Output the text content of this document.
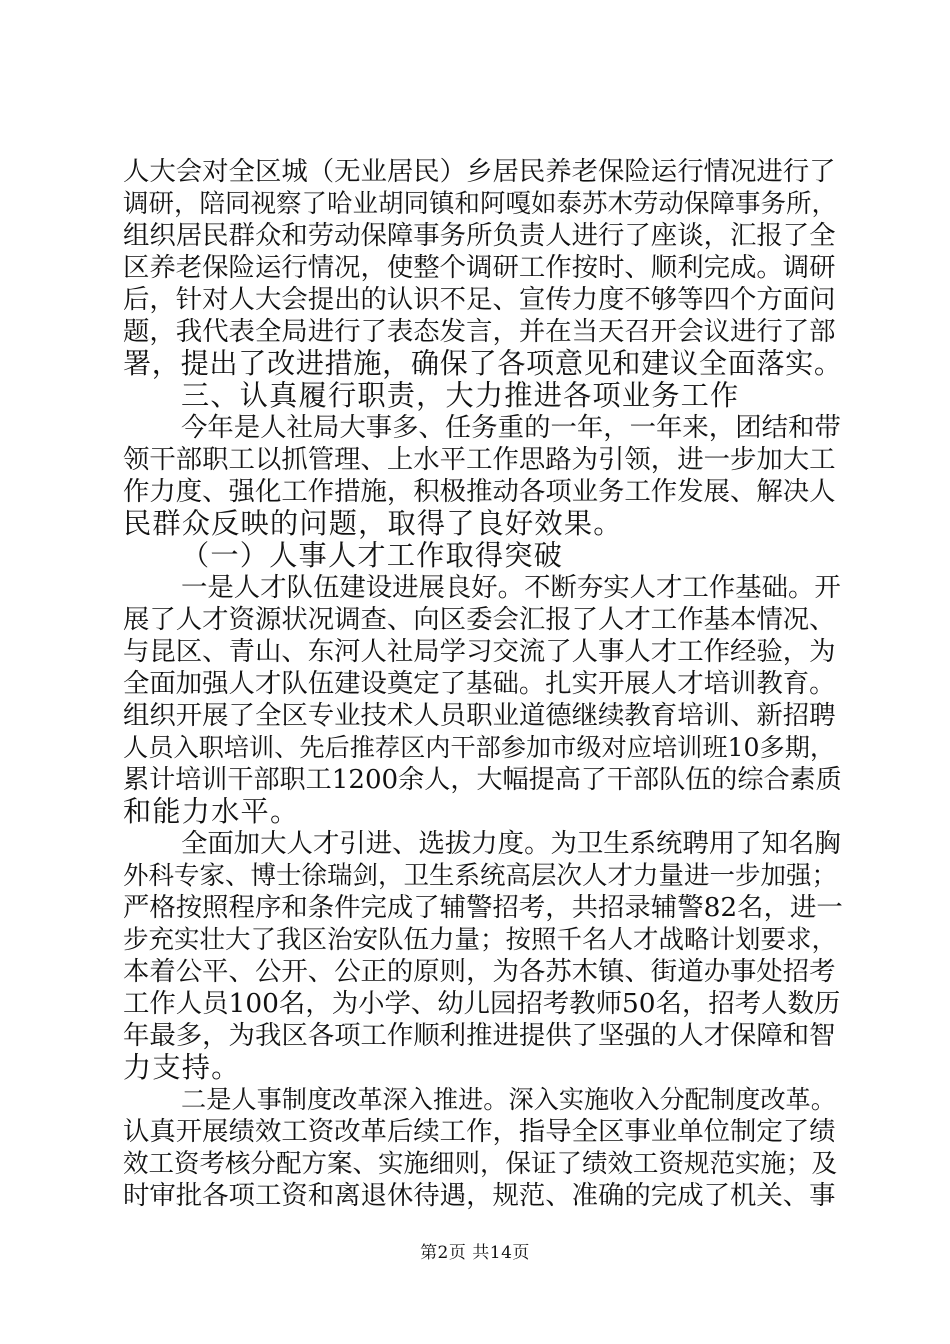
人大会对全区城（无业居民）乡居民养老保险运行情况进行了
调研，陪同视察了哈业胡同镇和阿嘎如泰苏木劳动保障事务所，
组织居民群众和劳动保障事务所负责人进行了座谈，汇报了全
区养老保险运行情况，使整个调研工作按时、顺利完成。调研
后，针对人大会提出的认识不足、宣传力度不够等四个方面问
题，我代表全局进行了表态发言，并在当天召开会议进行了部
署，提出了改进措施，确保了各项意见和建议全面落实。
三、认真履行职责，大力推进各项业务工作
今年是人社局大事多、任务重的一年，一年来，团结和带
领干部职工以抓管理、上水平工作思路为引领，进一步加大工
作力度、强化工作措施，积极推动各项业务工作发展、解决人
民群众反映的问题，取得了良好效果。
（一）人事人才工作取得突破
一是人才队伍建设进展良好。不断夯实人才工作基础。开
展了人才资源状况调查、向区委会汇报了人才工作基本情况、
与昆区、青山、东河人社局学习交流了人事人才工作经验，为
全面加强人才队伍建设奠定了基础。扎实开展人才培训教育。
组织开展了全区专业技术人员职业道德继续教育培训、新招聘
人员入职培训、先后推荐区内干部参加市级对应培训班10多期，
累计培训干部职工1200余人，大幅提高了干部队伍的综合素质
和能力水平。
全面加大人才引进、选拔力度。为卫生系统聘用了知名胸
外科专家、博士徐瑞剑，卫生系统高层次人才力量进一步加强；
严格按照程序和条件完成了辅警招考，共招录辅警82名，进一
步充实壮大了我区治安队伍力量；按照千名人才战略计划要求，
本着公平、公开、公正的原则，为各苏木镇、街道办事处招考
工作人员100名，为小学、幼儿园招考教师50名，招考人数历
年最多，为我区各项工作顺利推进提供了坚强的人才保障和智
力支持。
二是人事制度改革深入推进。深入实施收入分配制度改革。
认真开展绩效工资改革后续工作，指导全区事业单位制定了绩
效工资考核分配方案、实施细则，保证了绩效工资规范实施；及
时审批各项工资和离退休待遇，规范、准确的完成了机关、事
第2页 共14页
